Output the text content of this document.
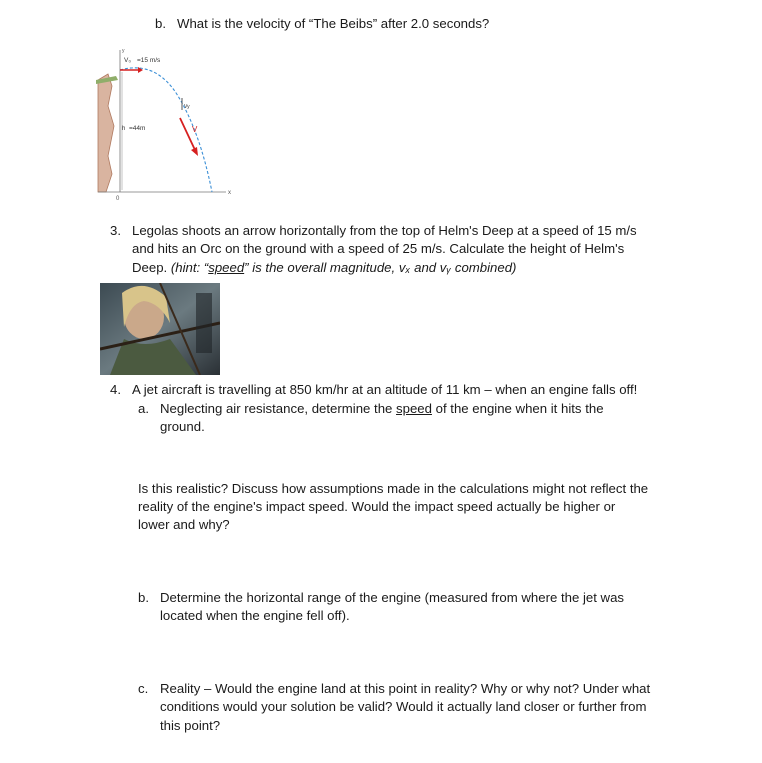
b. What is the velocity of “The Beibs” after 2.0 seconds?
V₀ =15 m/s
h =44m
Vy
V
0
x
y
3. Legolas shoots an arrow horizontally from the top of Helm's Deep at a speed of 15 m/s
and hits an Orc on the ground with a speed of 25 m/s. Calculate the height of Helm's
Deep. (hint: “speed” is the overall magnitude, vₓ and vᵧ combined)
4. A jet aircraft is travelling at 850 km/hr at an altitude of 11 km – when an engine falls off!
a. Neglecting air resistance, determine the speed of the engine when it hits the
ground.
Is this realistic? Discuss how assumptions made in the calculations might not reflect the
reality of the engine's impact speed. Would the impact speed actually be higher or
lower and why?
b. Determine the horizontal range of the engine (measured from where the jet was
located when the engine fell off).
c. Reality – Would the engine land at this point in reality? Why or why not? Under what
conditions would your solution be valid? Would it actually land closer or further from
this point?
